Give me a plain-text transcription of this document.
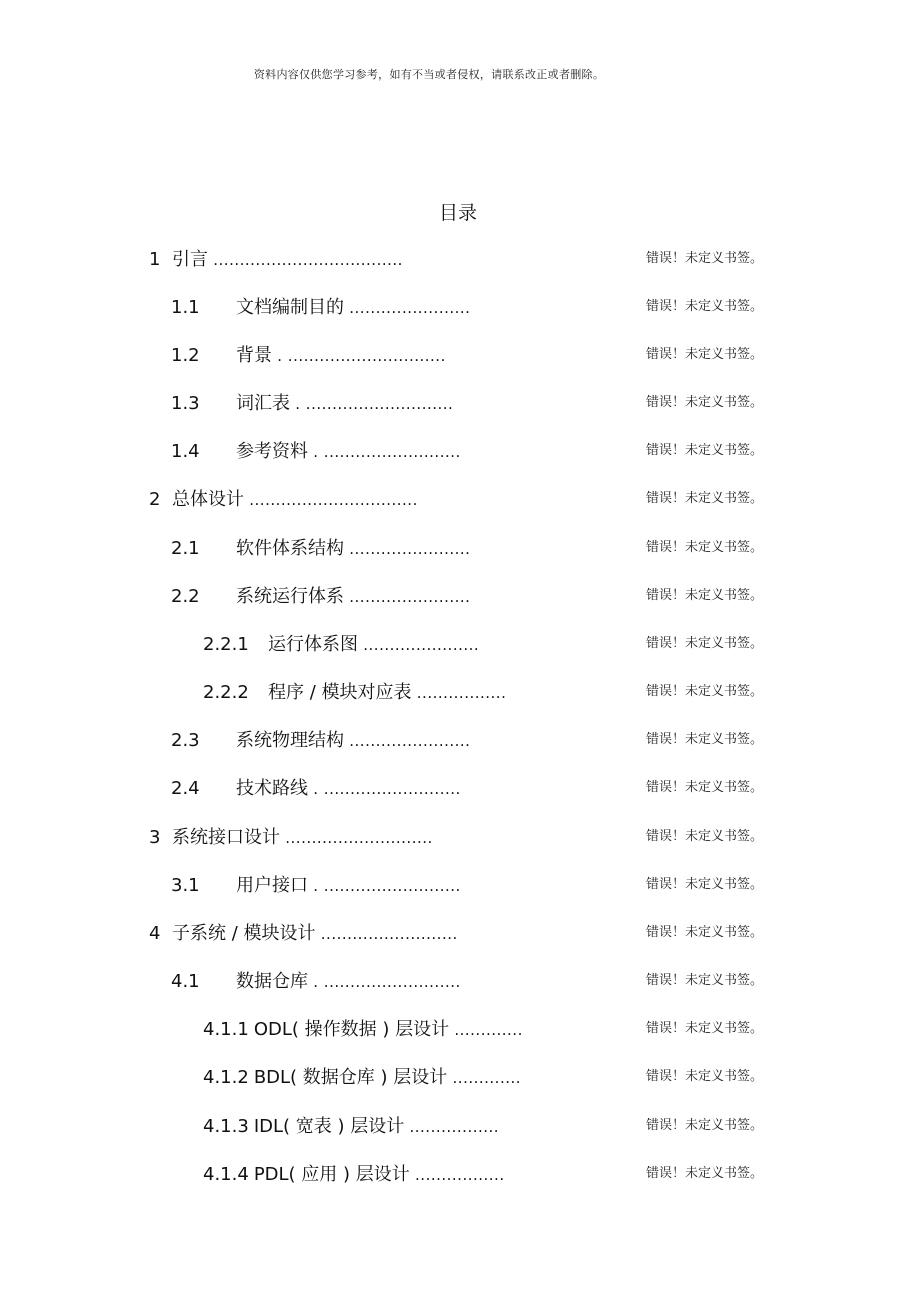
资料内容仅供您学习参考，如有不当或者侵权，请联系改正或者删除。
目录
1 引言 ....................................	错误！未定义书签。
1.1 文档编制目的 .......................	错误！未定义书签。
1.2 背景 . ..............................	错误！未定义书签。
1.3 词汇表 . ............................	错误！未定义书签。
1.4 参考资料 . ..........................	错误！未定义书签。
2 总体设计 ................................	错误！未定义书签。
2.1 软件体系结构 .......................	错误！未定义书签。
2.2 系统运行体系 .......................	错误！未定义书签。
2.2.1 运行体系图 ......................	错误！未定义书签。
2.2.2 程序 / 模块对应表 .................	错误！未定义书签。
2.3 系统物理结构 .......................	错误！未定义书签。
2.4 技术路线 . ..........................	错误！未定义书签。
3 系统接口设计 ............................	错误！未定义书签。
3.1 用户接口 . ..........................	错误！未定义书签。
4 子系统 / 模块设计 ..........................	错误！未定义书签。
4.1 数据仓库 . ..........................	错误！未定义书签。
4.1.1 ODL( 操作数据 ) 层设计 .............	错误！未定义书签。
4.1.2 BDL( 数据仓库 ) 层设计 .............	错误！未定义书签。
4.1.3 IDL( 宽表 ) 层设计 .................	错误！未定义书签。
4.1.4 PDL( 应用 ) 层设计 .................	错误！未定义书签。
